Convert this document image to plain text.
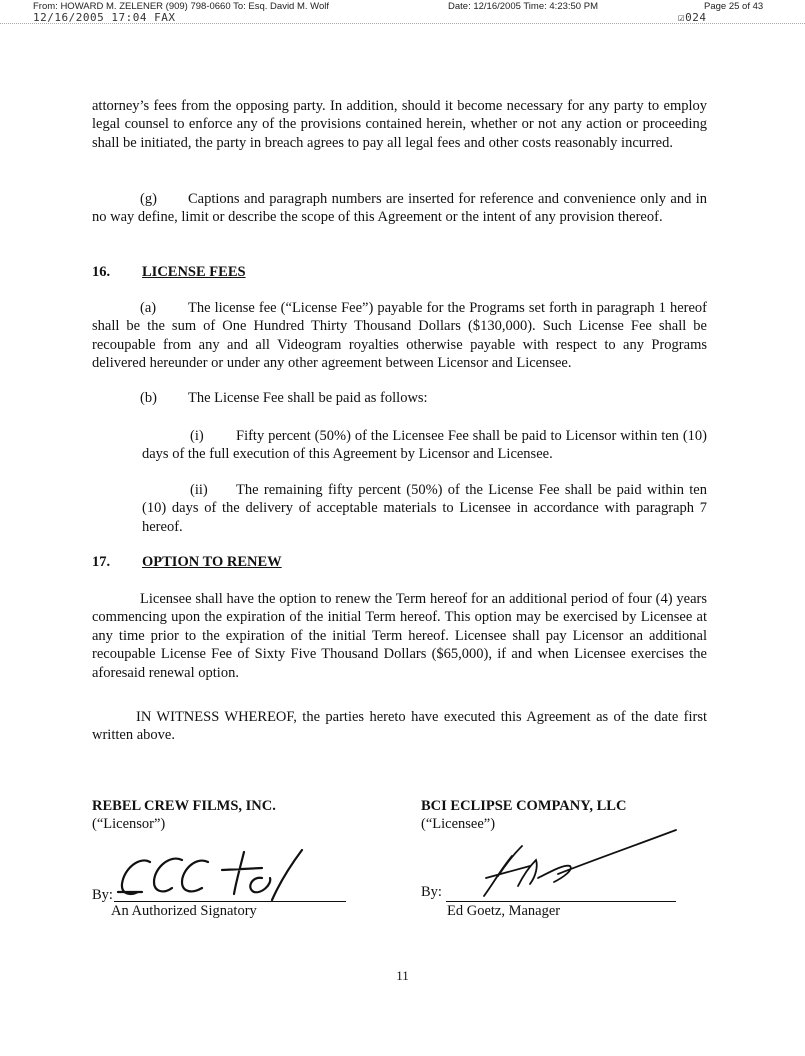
From: HOWARD M. ZELENER (909) 798-0660 To: Esq. David M. Wolf	Date: 12/16/2005 Time: 4:23:50 PM	Page 25 of 43
12/16/2005 17:04 FAX	☑024
attorney’s fees from the opposing party. In addition, should it become necessary for any party to employ legal counsel to enforce any of the provisions contained herein, whether or not any action or proceeding shall be initiated, the party in breach agrees to pay all legal fees and other costs reasonably incurred.
(g) Captions and paragraph numbers are inserted for reference and convenience only and in no way define, limit or describe the scope of this Agreement or the intent of any provision thereof.
16. LICENSE FEES
(a) The license fee (“License Fee”) payable for the Programs set forth in paragraph 1 hereof shall be the sum of One Hundred Thirty Thousand Dollars ($130,000). Such License Fee shall be recoupable from any and all Videogram royalties otherwise payable with respect to any Programs delivered hereunder or under any other agreement between Licensor and Licensee.
(b) The License Fee shall be paid as follows:
(i) Fifty percent (50%) of the Licensee Fee shall be paid to Licensor within ten (10) days of the full execution of this Agreement by Licensor and Licensee.
(ii) The remaining fifty percent (50%) of the License Fee shall be paid within ten (10) days of the delivery of acceptable materials to Licensee in accordance with paragraph 7 hereof.
17. OPTION TO RENEW
Licensee shall have the option to renew the Term hereof for an additional period of four (4) years commencing upon the expiration of the initial Term hereof. This option may be exercised by Licensee at any time prior to the expiration of the initial Term hereof. Licensee shall pay Licensor an additional recoupable License Fee of Sixty Five Thousand Dollars ($65,000), if and when Licensee exercises the aforesaid renewal option.
IN WITNESS WHEREOF, the parties hereto have executed this Agreement as of the date first written above.
REBEL CREW FILMS, INC.
(“Licensor”)
By:
An Authorized Signatory
BCI ECLIPSE COMPANY, LLC
(“Licensee”)
By:
Ed Goetz, Manager
11
